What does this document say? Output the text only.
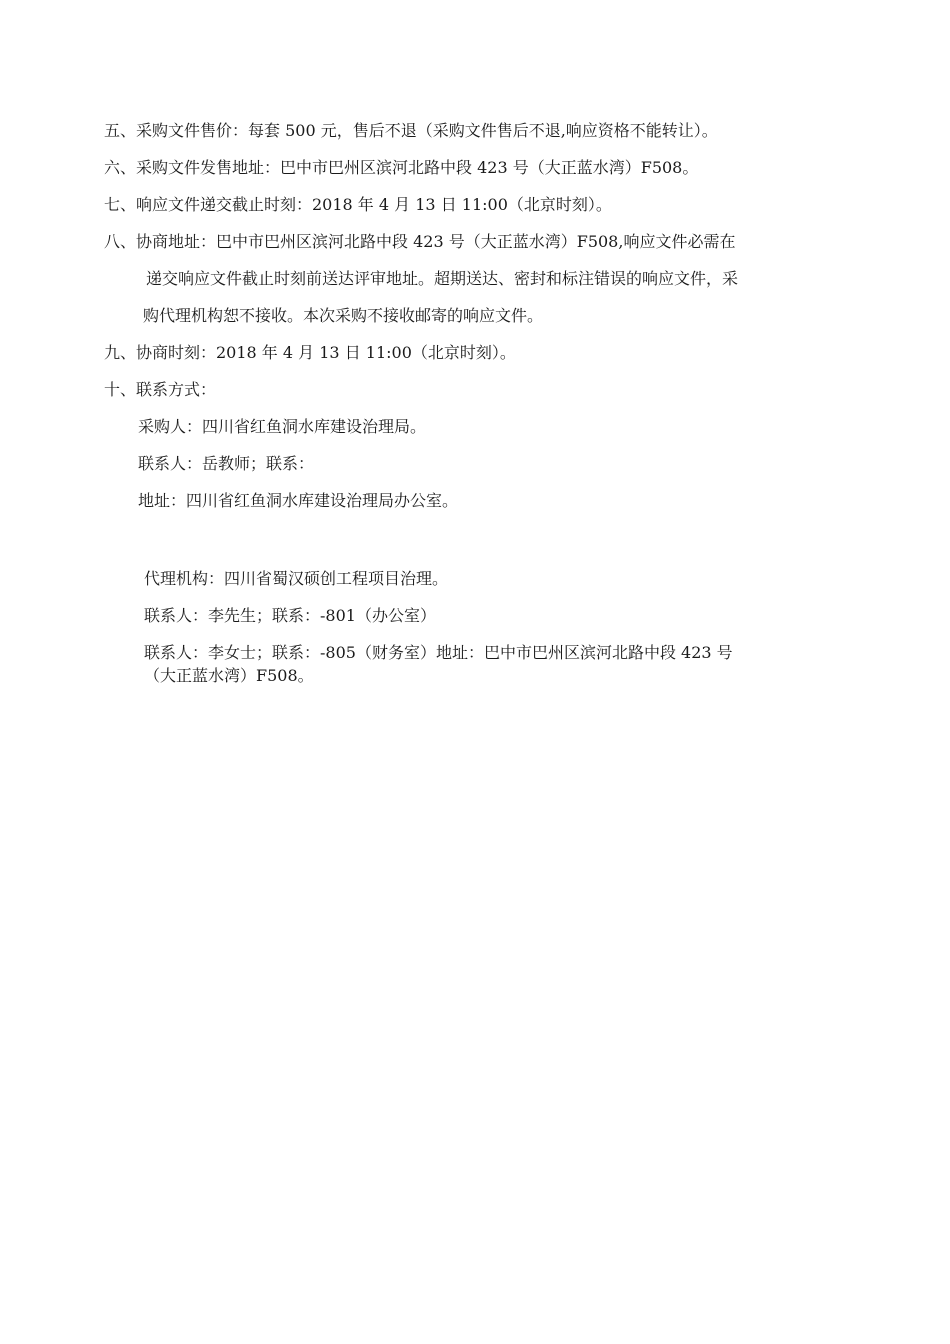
五、采购文件售价：每套 500 元，售后不退（采购文件售后不退,响应资格不能转让）。
六、采购文件发售地址：巴中市巴州区滨河北路中段 423 号（大正蓝水湾）F508。
七、响应文件递交截止时刻：2018 年 4 月 13 日 11:00（北京时刻）。
八、协商地址：巴中市巴州区滨河北路中段 423 号（大正蓝水湾）F508,响应文件必需在
递交响应文件截止时刻前送达评审地址。超期送达、密封和标注错误的响应文件，采
购代理机构恕不接收。本次采购不接收邮寄的响应文件。
九、协商时刻：2018 年 4 月 13 日 11:00（北京时刻）。
十、联系方式：
采购人：四川省红鱼洞水库建设治理局。
联系人：岳教师；联系：
地址：四川省红鱼洞水库建设治理局办公室。
代理机构：四川省蜀汉硕创工程项目治理。
联系人：李先生；联系：-801（办公室）
联系人：李女士；联系：-805（财务室）地址：巴中市巴州区滨河北路中段 423 号
（大正蓝水湾）F508。
